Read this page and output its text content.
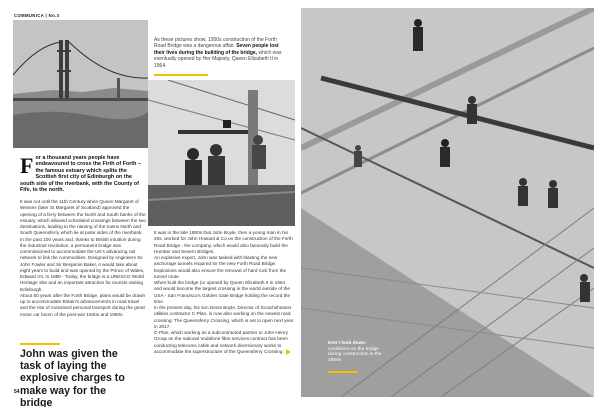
COMMUNICA | No.3

As these pictures show, 1950s construction of the Forth Road Bridge was a dangerous affair. Seven people lost their lives during the building of the bridge, which was eventually opened by Her Majesty, Queen Elizabeth II in 1964.

Don't look down:
conditions on the bridge during construction in the 1950s

F or a thousand years people have endeavoured to cross the Firth of Forth – the famous estuary which splits the Scottish first city of Edinburgh on the south side of the riverbank, with the County of Fife, to the north.

It was not until the 11th Century when Queen Margaret of Wessex (later St Margaret of Scotland) approved the opening of a ferry between the North and South banks of the estuary, which allowed scheduled crossings between the two destinations, leading to the naming of the towns North and South Queensferry which lie at polar sides of the riverbank.
In the past 100 years and, thanks to British intuition during the industrial revolution, a permanent bridge was commissioned to accommodate the UK's advancing rail network to link the communities. Designed by engineers Sir John Fowler and Sir Benjamin Baker, it would take about eight years to build and was opened by the Prince of Wales, Edward VII, in 1890 - Today, the bridge is a UNESCO World Heritage Site and an important attraction for tourists visiting Edinburgh.
About 60 years after the Forth Bridge, plans would be drawn up to accommodate Britain's advancements in road travel and the rise of motorised personal transport during the great motor car boom of the post-war 1940s and 1950s.
It was in the late 1950s that John Boyle, then a young man in his 20s, worked for John Howard & Co on the construction of the Forth Road Bridge - the company, which would also famously build the Humber and Severn Bridges.
An explosive expert, John was tasked with blasting the new anchorage tunnels required for the new Forth Road Bridge.
Explosions would also ensure the removal of hard rock from the tunnel route.
When built the bridge (or opened by Queen Elizabeth II in 1964 and would become the largest crossing in the world outside of the USA - San Francisco's Golden Gate Bridge holding the record the time.
In the present day, his son Denis Boyle, Director of Scotchsheasst utilities contractor C-Plan, is now also working on the newest road crossing: The Queensferry Crossing, which is set to open next year in 2017.
C-Plan, which working as a subcontracted partner to John Henry Group on the national Vodafone fibre services contract has been conducting telecoms cable and network diversionary works to accommodate the superstructure of the Queensferry Crossing.

John was given the task of laying the explosive charges to make way for the bridge

54 |
